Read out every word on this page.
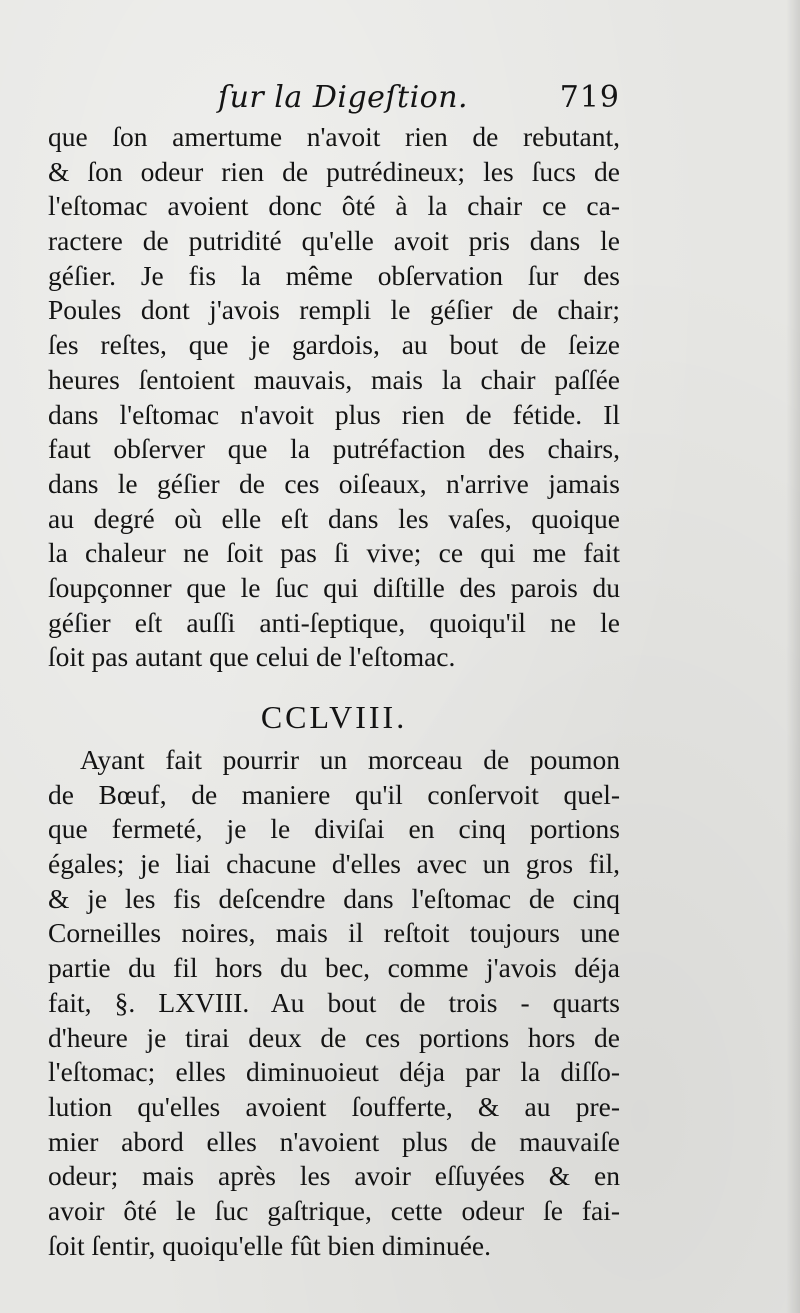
ſur la Digeſtion.	719
que ſon amertume n'avoit rien de rebutant,
& ſon odeur rien de putrédineux; les ſucs de
l'eſtomac avoient donc ôté à la chair ce ca-
ractere de putridité qu'elle avoit pris dans le
géſier. Je fis la même obſervation ſur des
Poules dont j'avois rempli le géſier de chair;
ſes reſtes, que je gardois, au bout de ſeize
heures ſentoient mauvais, mais la chair paſſée
dans l'eſtomac n'avoit plus rien de fétide. Il
faut obſerver que la putréfaction des chairs,
dans le géſier de ces oiſeaux, n'arrive jamais
au degré où elle eſt dans les vaſes, quoique
la chaleur ne ſoit pas ſi vive; ce qui me fait
ſoupçonner que le ſuc qui diſtille des parois du
géſier eſt auſſi anti-ſeptique, quoiqu'il ne le
ſoit pas autant que celui de l'eſtomac.
CCLVIII.
Ayant fait pourrir un morceau de poumon
de Bœuf, de maniere qu'il conſervoit quel-
que fermeté, je le diviſai en cinq portions
égales; je liai chacune d'elles avec un gros fil,
& je les fis deſcendre dans l'eſtomac de cinq
Corneilles noires, mais il reſtoit toujours une
partie du fil hors du bec, comme j'avois déja
fait, §. LXVIII. Au bout de trois - quarts
d'heure je tirai deux de ces portions hors de
l'eſtomac; elles diminuoieut déja par la diſſo-
lution qu'elles avoient ſoufferte, & au pre-
mier abord elles n'avoient plus de mauvaiſe
odeur; mais après les avoir eſſuyées & en
avoir ôté le ſuc gaſtrique, cette odeur ſe fai-
ſoit ſentir, quoiqu'elle fût bien diminuée.
